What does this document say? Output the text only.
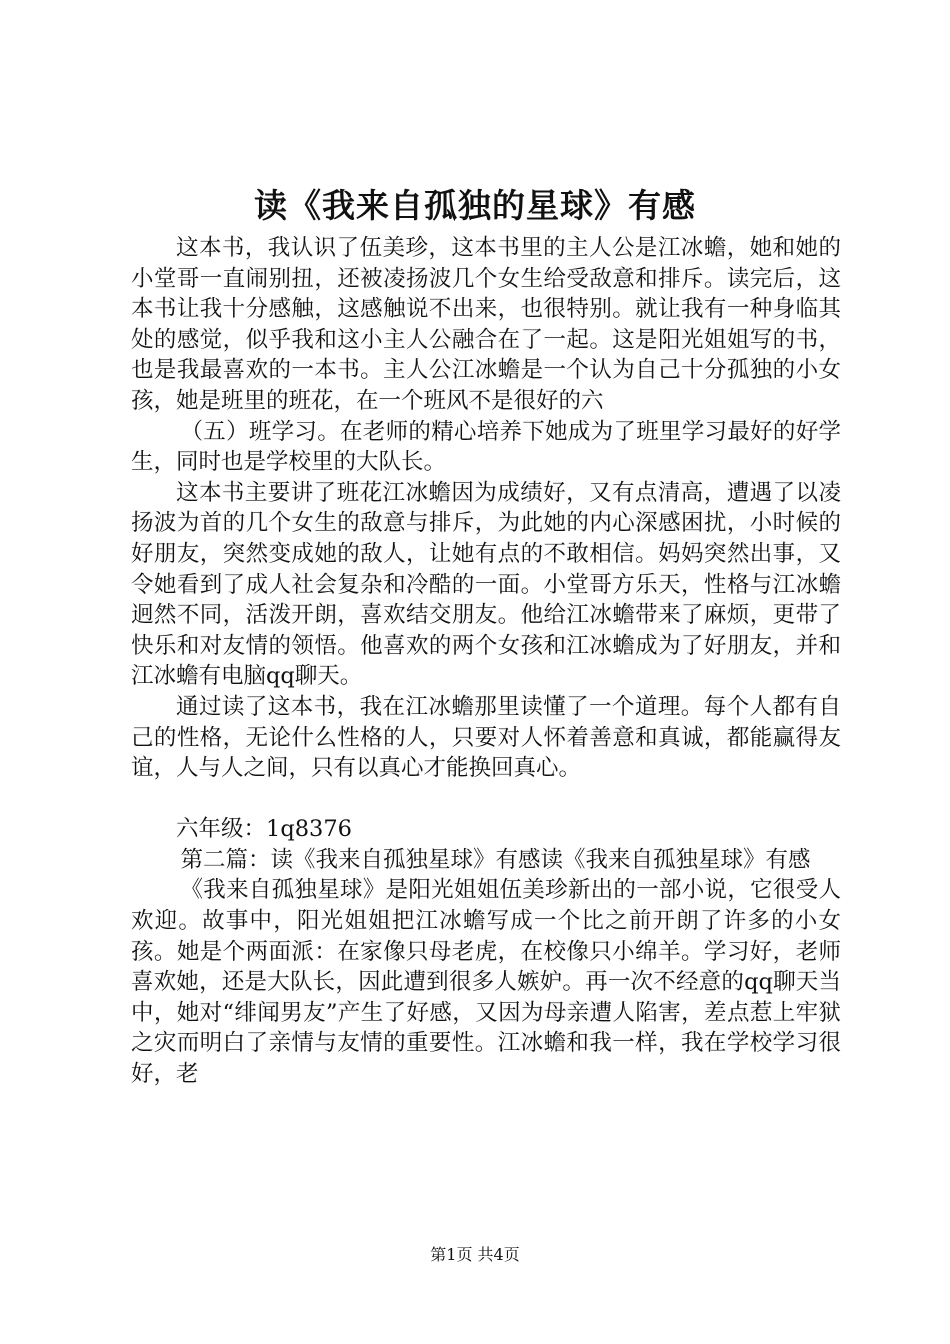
读《我来自孤独的星球》有感

这本书，我认识了伍美珍，这本书里的主人公是江冰蟾，她和她的小堂哥一直闹别扭，还被凌扬波几个女生给受敌意和排斥。读完后，这本书让我十分感触，这感触说不出来，也很特别。就让我有一种身临其处的感觉，似乎我和这小主人公融合在了一起。这是阳光姐姐写的书，也是我最喜欢的一本书。主人公江冰蟾是一个认为自己十分孤独的小女孩，她是班里的班花，在一个班风不是很好的六

（五）班学习。在老师的精心培养下她成为了班里学习最好的好学生，同时也是学校里的大队长。

这本书主要讲了班花江冰蟾因为成绩好，又有点清高，遭遇了以凌扬波为首的几个女生的敌意与排斥，为此她的内心深感困扰，小时候的好朋友，突然变成她的敌人，让她有点的不敢相信。妈妈突然出事，又令她看到了成人社会复杂和冷酷的一面。小堂哥方乐天，性格与江冰蟾迥然不同，活泼开朗，喜欢结交朋友。他给江冰蟾带来了麻烦，更带了快乐和对友情的领悟。他喜欢的两个女孩和江冰蟾成为了好朋友，并和江冰蟾有电脑qq聊天。

通过读了这本书，我在江冰蟾那里读懂了一个道理。每个人都有自己的性格，无论什么性格的人，只要对人怀着善意和真诚，都能赢得友谊，人与人之间，只有以真心才能换回真心。

六年级：1q8376

第二篇：读《我来自孤独星球》有感读《我来自孤独星球》有感

《我来自孤独星球》是阳光姐姐伍美珍新出的一部小说，它很受人欢迎。故事中，阳光姐姐把江冰蟾写成一个比之前开朗了许多的小女孩。她是个两面派：在家像只母老虎，在校像只小绵羊。学习好，老师喜欢她，还是大队长，因此遭到很多人嫉妒。再一次不经意的qq聊天当中，她对“绯闻男友”产生了好感，又因为母亲遭人陷害，差点惹上牢狱之灾而明白了亲情与友情的重要性。江冰蟾和我一样，我在学校学习很好，老

第1页 共4页
